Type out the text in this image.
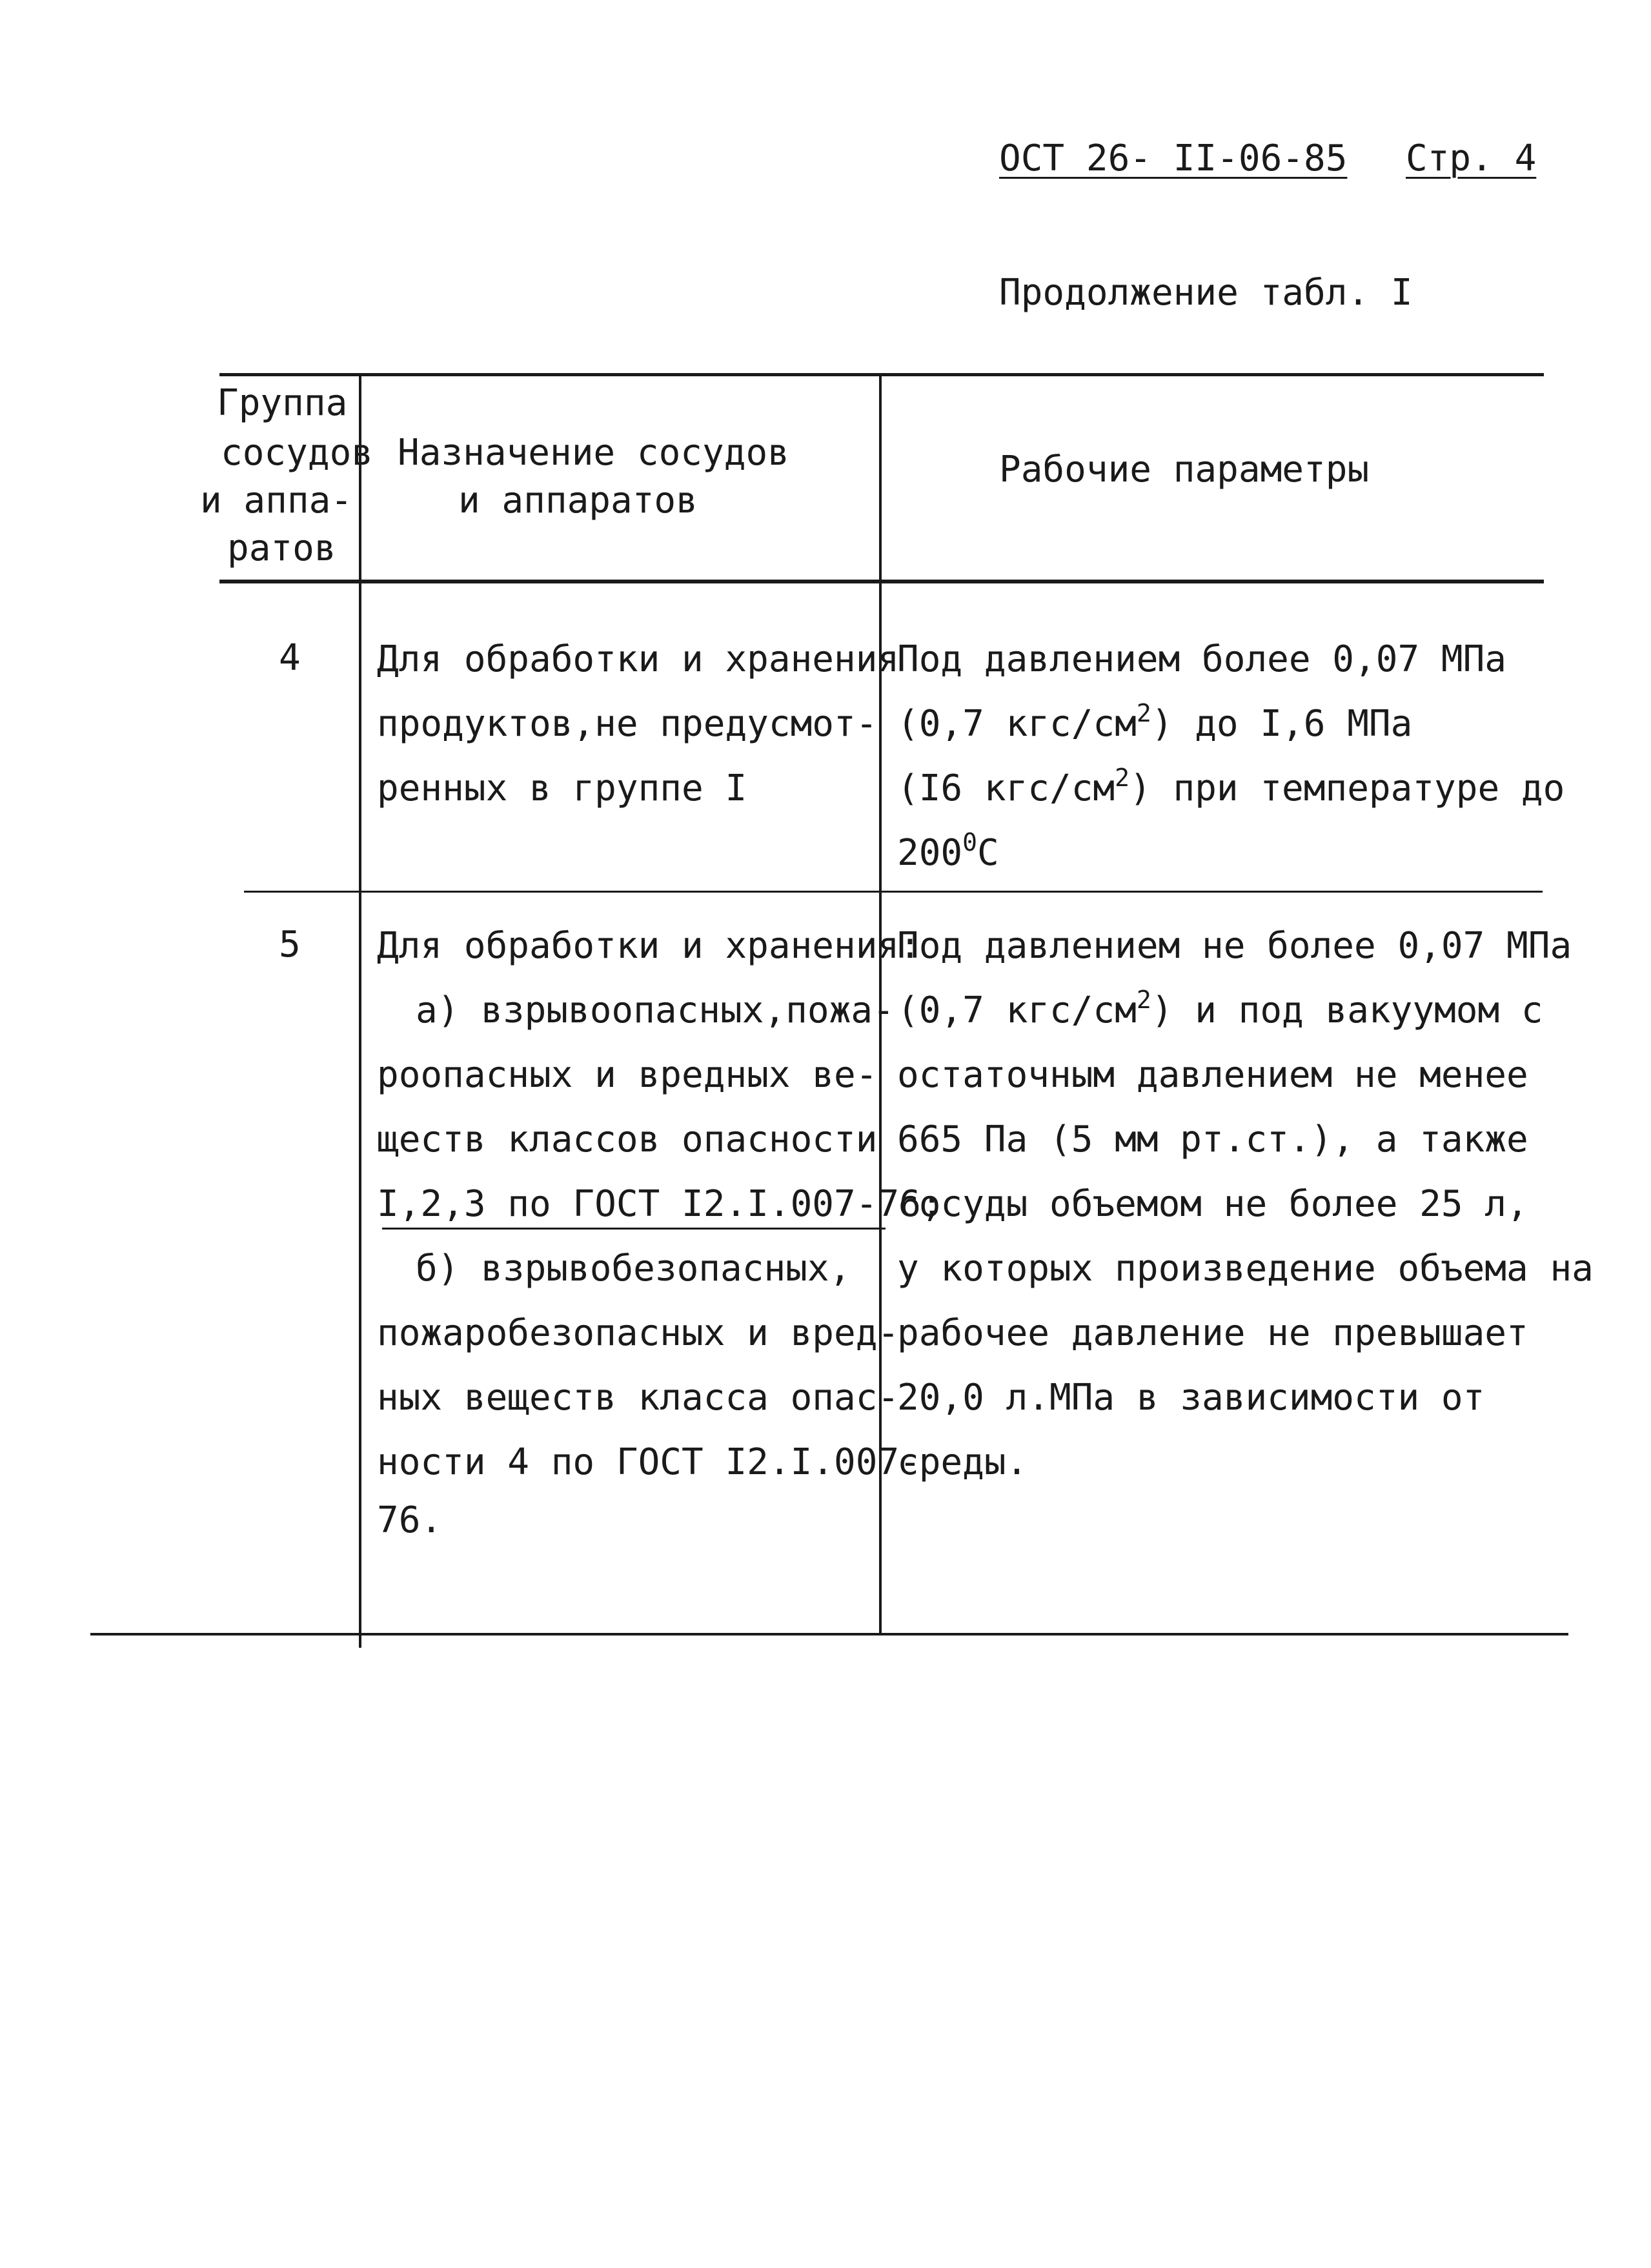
ОСТ 26- II-06-85 Стр. 4
Продолжение табл. I
Группа
сосудов
и аппа-
ратов
Назначение сосудов
и аппаратов
Рабочие параметры
4 Для обработки и хранения
продуктов,не предусмот-
ренных в группе I
Под давлением более 0,07 МПа
(0,7 кгс/$см^2$) до I,6 МПа
(I6 кгс/$см^2$) при температуре до
$200^0С$
5 Для обработки и хранения:
а) взрывоопасных,пожа-
роопасных и вредных ве-
ществ классов опасности
I,2,3 по ГОСТ I2.I.007-76;
б) взрывобезопасных,
пожаробезопасных и вред-
ных веществ класса опас-
ности 4 по ГОСТ I2.I.007-
76.
Под давлением не более 0,07 МПа
(0,7 кгс/$см^2$) и под вакуумом с
остаточным давлением не менее
665 Па (5 мм рт.ст.), а также
сосуды объемом не более 25 л,
у которых произведение объема на
рабочее давление не превышает
20,0 л.МПа в зависимости от
среды.
